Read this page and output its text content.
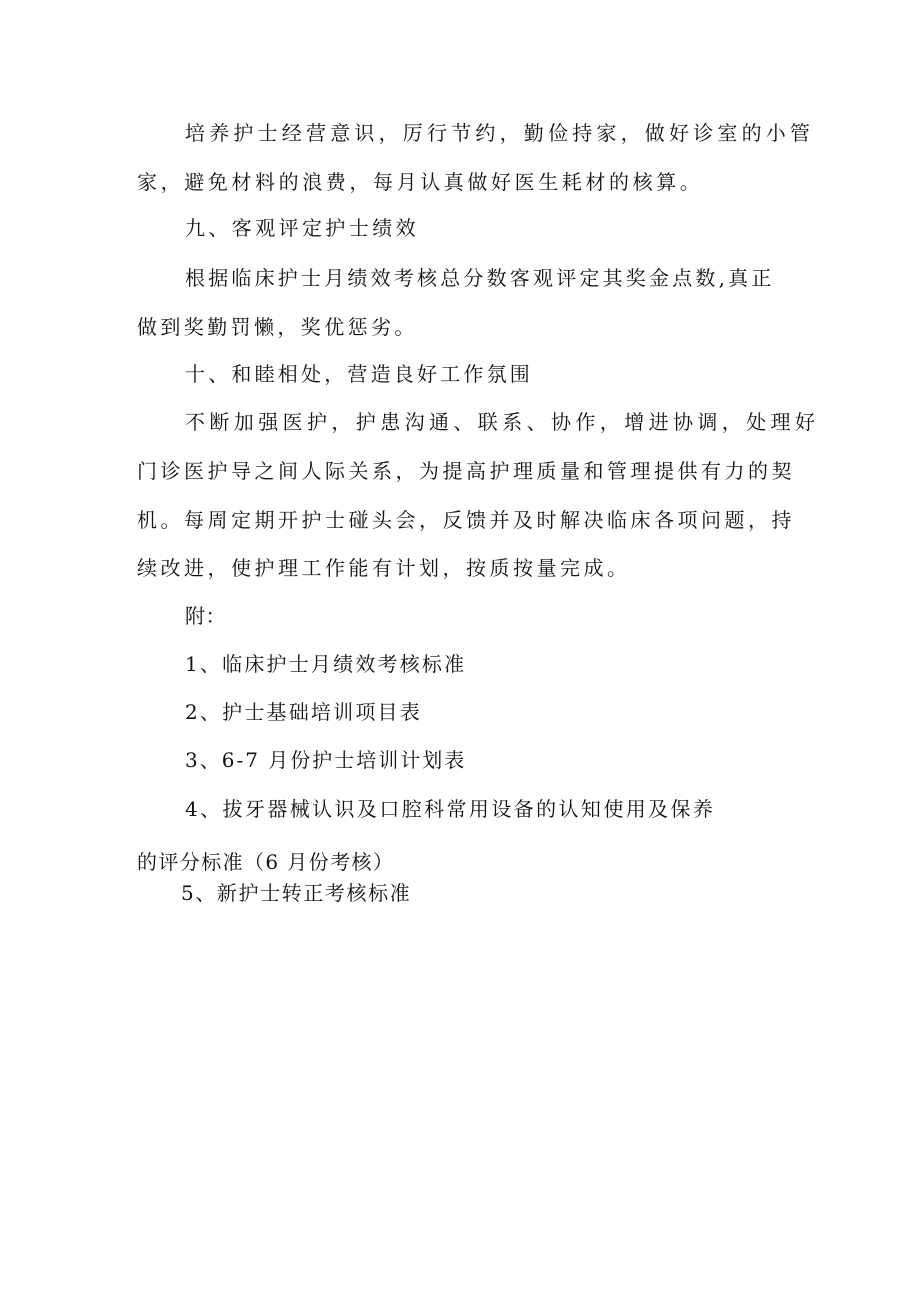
培养护士经营意识，厉行节约，勤俭持家，做好诊室的小管
家，避免材料的浪费，每月认真做好医生耗材的核算。
九、客观评定护士绩效
根据临床护士月绩效考核总分数客观评定其奖金点数,真正
做到奖勤罚懒，奖优惩劣。
十、和睦相处，营造良好工作氛围
不断加强医护，护患沟通、联系、协作，增进协调，处理好
门诊医护导之间人际关系，为提高护理质量和管理提供有力的契
机。每周定期开护士碰头会，反馈并及时解决临床各项问题，持
续改进，使护理工作能有计划，按质按量完成。
附：
1、临床护士月绩效考核标准
2、护士基础培训项目表
3、6-7 月份护士培训计划表
4、拔牙器械认识及口腔科常用设备的认知使用及保养
的评分标准（6 月份考核）
5、新护士转正考核标准
